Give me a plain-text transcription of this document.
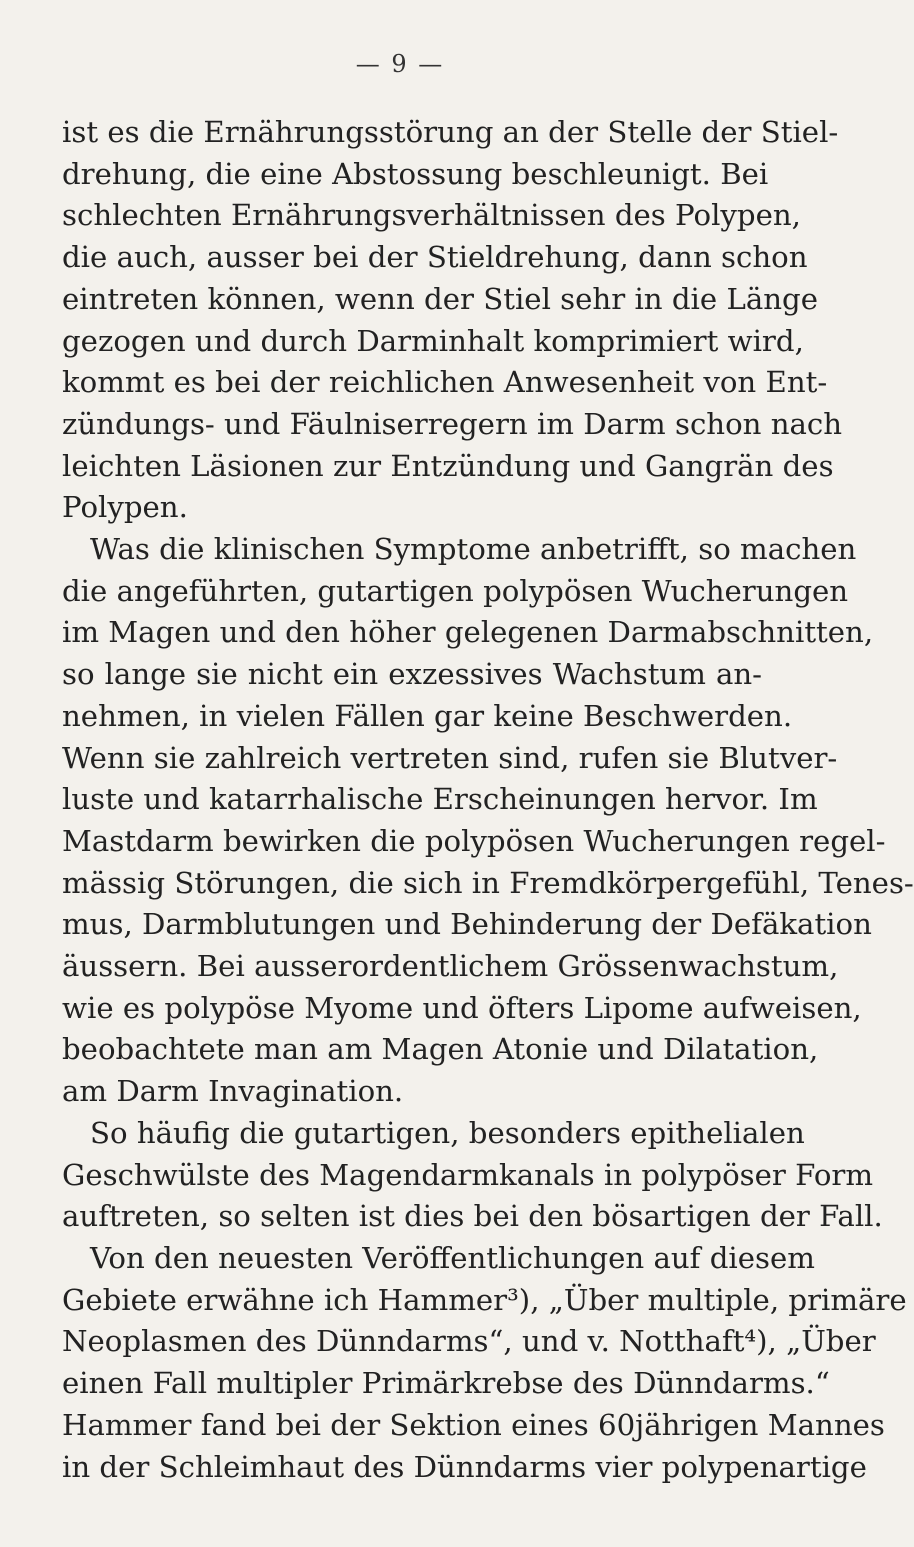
— 9 —
ist es die Ernährungsstörung an der Stelle der Stiel-
drehung, die eine Abstossung beschleunigt. Bei
schlechten Ernährungsverhältnissen des Polypen,
die auch, ausser bei der Stieldrehung, dann schon
eintreten können, wenn der Stiel sehr in die Länge
gezogen und durch Darminhalt komprimiert wird,
kommt es bei der reichlichen Anwesenheit von Ent-
zündungs- und Fäulniserregern im Darm schon nach
leichten Läsionen zur Entzündung und Gangrän des
Polypen.
Was die klinischen Symptome anbetrifft, so machen
die angeführten, gutartigen polypösen Wucherungen
im Magen und den höher gelegenen Darmabschnitten,
so lange sie nicht ein exzessives Wachstum an-
nehmen, in vielen Fällen gar keine Beschwerden.
Wenn sie zahlreich vertreten sind, rufen sie Blutver-
luste und katarrhalische Erscheinungen hervor. Im
Mastdarm bewirken die polypösen Wucherungen regel-
mässig Störungen, die sich in Fremdkörpergefühl, Tenes-
mus, Darmblutungen und Behinderung der Defäkation
äussern. Bei ausserordentlichem Grössenwachstum,
wie es polypöse Myome und öfters Lipome aufweisen,
beobachtete man am Magen Atonie und Dilatation,
am Darm Invagination.
So häufig die gutartigen, besonders epithelialen
Geschwülste des Magendarmkanals in polypöser Form
auftreten, so selten ist dies bei den bösartigen der Fall.
Von den neuesten Veröffentlichungen auf diesem
Gebiete erwähne ich Hammer³), „Über multiple, primäre
Neoplasmen des Dünndarms“, und v. Notthaft⁴), „Über
einen Fall multipler Primärkrebse des Dünndarms.“
Hammer fand bei der Sektion eines 60jährigen Mannes
in der Schleimhaut des Dünndarms vier polypenartige
